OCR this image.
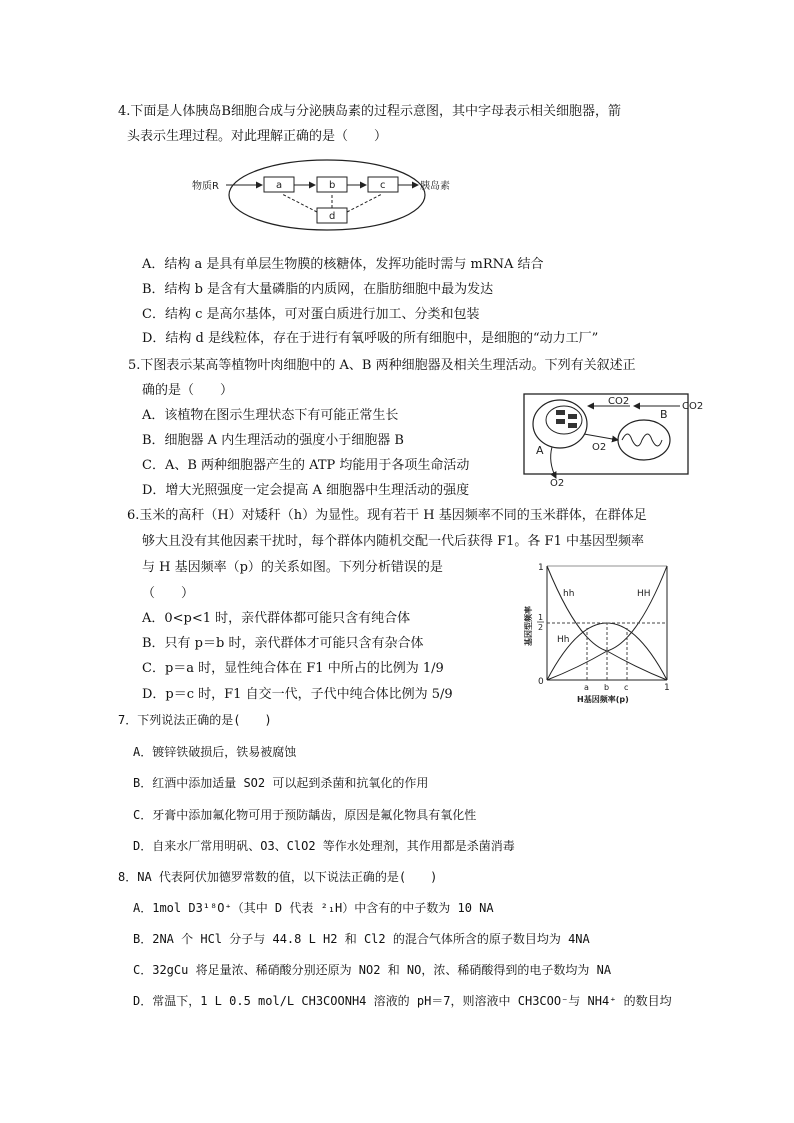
4.下面是人体胰岛B细胞合成与分泌胰岛素的过程示意图，其中字母表示相关细胞器，箭
头表示生理过程。对此理解正确的是（　　）
物质R	a	b	c	胰岛素
d
A．结构 a 是具有单层生物膜的核糖体，发挥功能时需与 mRNA 结合
B．结构 b 是含有大量磷脂的内质网，在脂肪细胞中最为发达
C．结构 c 是高尔基体，可对蛋白质进行加工、分类和包装
D．结构 d 是线粒体，存在于进行有氧呼吸的所有细胞中，是细胞的“动力工厂”
5.下图表示某高等植物叶肉细胞中的 A、B 两种细胞器及相关生理活动。下列有关叙述正
确的是（　　）
A．该植物在图示生理状态下有可能正常生长
B．细胞器 A 内生理活动的强度小于细胞器 B
C．A、B 两种细胞器产生的 ATP 均能用于各项生命活动
D．增大光照强度一定会提高 A 细胞器中生理活动的强度
A
B
CO2	CO2
O2
O2
6.玉米的高秆（H）对矮秆（h）为显性。现有若干 H 基因频率不同的玉米群体，在群体足
够大且没有其他因素干扰时，每个群体内随机交配一代后获得 F1。各 F1 中基因型频率
与 H 基因频率（p）的关系如图。下列分析错误的是
（　　）
A．0<p<1 时，亲代群体都可能只含有纯合体
B．只有 p＝b 时，亲代群体才可能只含有杂合体
C．p＝a 时，显性纯合体在 F1 中所占的比例为 1/9
D．p＝c 时，F1 自交一代，子代中纯合体比例为 5/9
hh	HH
Hh
1
1
2
0
a b c	1
H基因频率(p)
基因型频率
7．下列说法正确的是(　　)
A．镀锌铁破损后，铁易被腐蚀
B．红酒中添加适量 SO2 可以起到杀菌和抗氧化的作用
C．牙膏中添加氟化物可用于预防龋齿，原因是氟化物具有氧化性
D．自来水厂常用明矾、O3、ClO2 等作水处理剂，其作用都是杀菌消毒
8．NA 代表阿伏加德罗常数的值，以下说法正确的是(　　)
A．1mol D3¹⁸O⁺（其中 D 代表 ²₁H）中含有的中子数为 10 NA
B．2NA 个 HCl 分子与 44.8 L H2 和 Cl2 的混合气体所含的原子数目均为 4NA
C．32gCu 将足量浓、稀硝酸分别还原为 NO2 和 NO，浓、稀硝酸得到的电子数均为 NA
D．常温下，1 L 0.5 mol/L CH3COONH4 溶液的 pH＝7，则溶液中 CH3COO⁻与 NH4⁺ 的数目均
